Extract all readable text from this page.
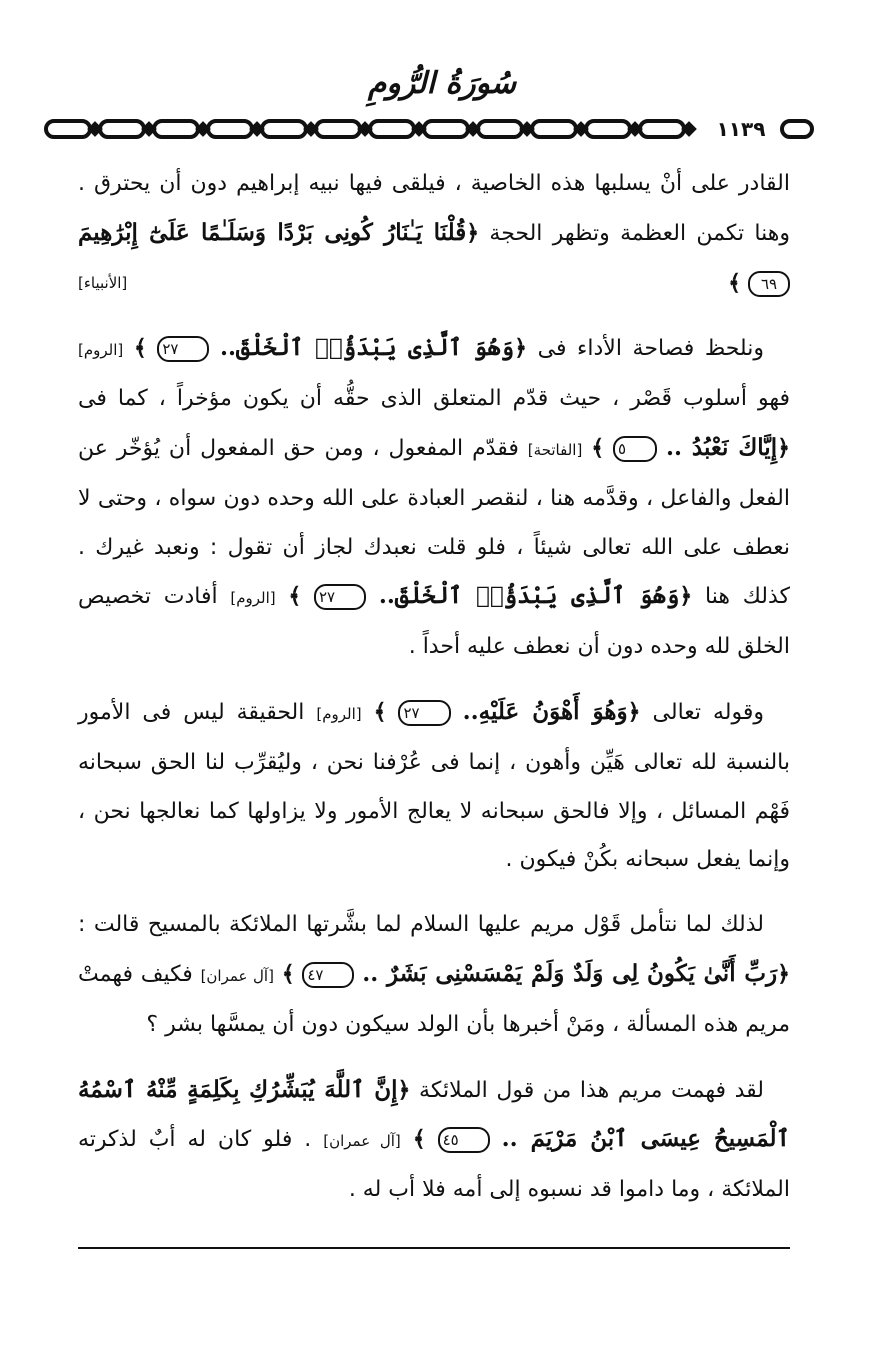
سُورَةُ الرُّومِ
١١٣٩

القادر على أنْ يسلبها هذه الخاصية ، فيلقى فيها نبيه إبراهيم دون أن يحترق . وهنا تكمن العظمة وتظهر الحجة ﴿قُلْنَا يَـٰنَارُ كُونِى بَرْدًا وَسَلَـٰمًا عَلَىٰٓ إِبْرَٰهِيمَ ٦٩ ﴾
[الأنبياء]

ونلحظ فصاحة الأداء فى ﴿وَهُوَ ٱلَّذِى يَبْدَؤُا۟ ٱلْخَلْقَ.. ٢٧ ﴾ [الروم] فهو أسلوب قَصْر ، حيث قدّم المتعلق الذى حقُّه أن يكون مؤخراً ، كما فى ﴿إِيَّاكَ نَعْبُدُ .. ٥ ﴾ [الفاتحة] فقدّم المفعول ، ومن حق المفعول أن يُؤخّر عن الفعل والفاعل ، وقدَّمه هنا ، لنقصر العبادة على الله وحده دون سواه ، وحتى لا نعطف على الله تعالى شيئاً ، فلو قلت نعبدك لجاز أن تقول : ونعبد غيرك . كذلك هنا ﴿وَهُوَ ٱلَّذِى يَبْدَؤُا۟ ٱلْخَلْقَ.. ٢٧ ﴾ [الروم] أفادت تخصيص الخلق لله وحده دون أن نعطف عليه أحداً .

وقوله تعالى ﴿وَهُوَ أَهْوَنُ عَلَيْهِ.. ٢٧ ﴾ [الروم] الحقيقة ليس فى الأمور بالنسبة لله تعالى هَيِّن وأهون ، إنما فى عُرْفنا نحن ، وليُقرِّب لنا الحق سبحانه فَهْم المسائل ، وإلا فالحق سبحانه لا يعالج الأمور ولا يزاولها كما نعالجها نحن ، وإنما يفعل سبحانه بكُنْ فيكون .

لذلك لما نتأمل قَوْل مريم عليها السلام لما بشَّرتها الملائكة بالمسيح قالت : ﴿رَبِّ أَنَّىٰ يَكُونُ لِى وَلَدٌ وَلَمْ يَمْسَسْنِى بَشَرٌ .. ٤٧ ﴾ [آل عمران] فكيف فهمتْ مريم هذه المسألة ، ومَنْ أخبرها بأن الولد سيكون دون أن يمسَّها بشر ؟

لقد فهمت مريم هذا من قول الملائكة ﴿إِنَّ ٱللَّهَ يُبَشِّرُكِ بِكَلِمَةٍ مِّنْهُ ٱسْمُهُ ٱلْمَسِيحُ عِيسَى ٱبْنُ مَرْيَمَ .. ٤٥ ﴾ [آل عمران] . فلو كان له أبٌ لذكرته الملائكة ، وما داموا قد نسبوه إلى أمه فلا أب له .
